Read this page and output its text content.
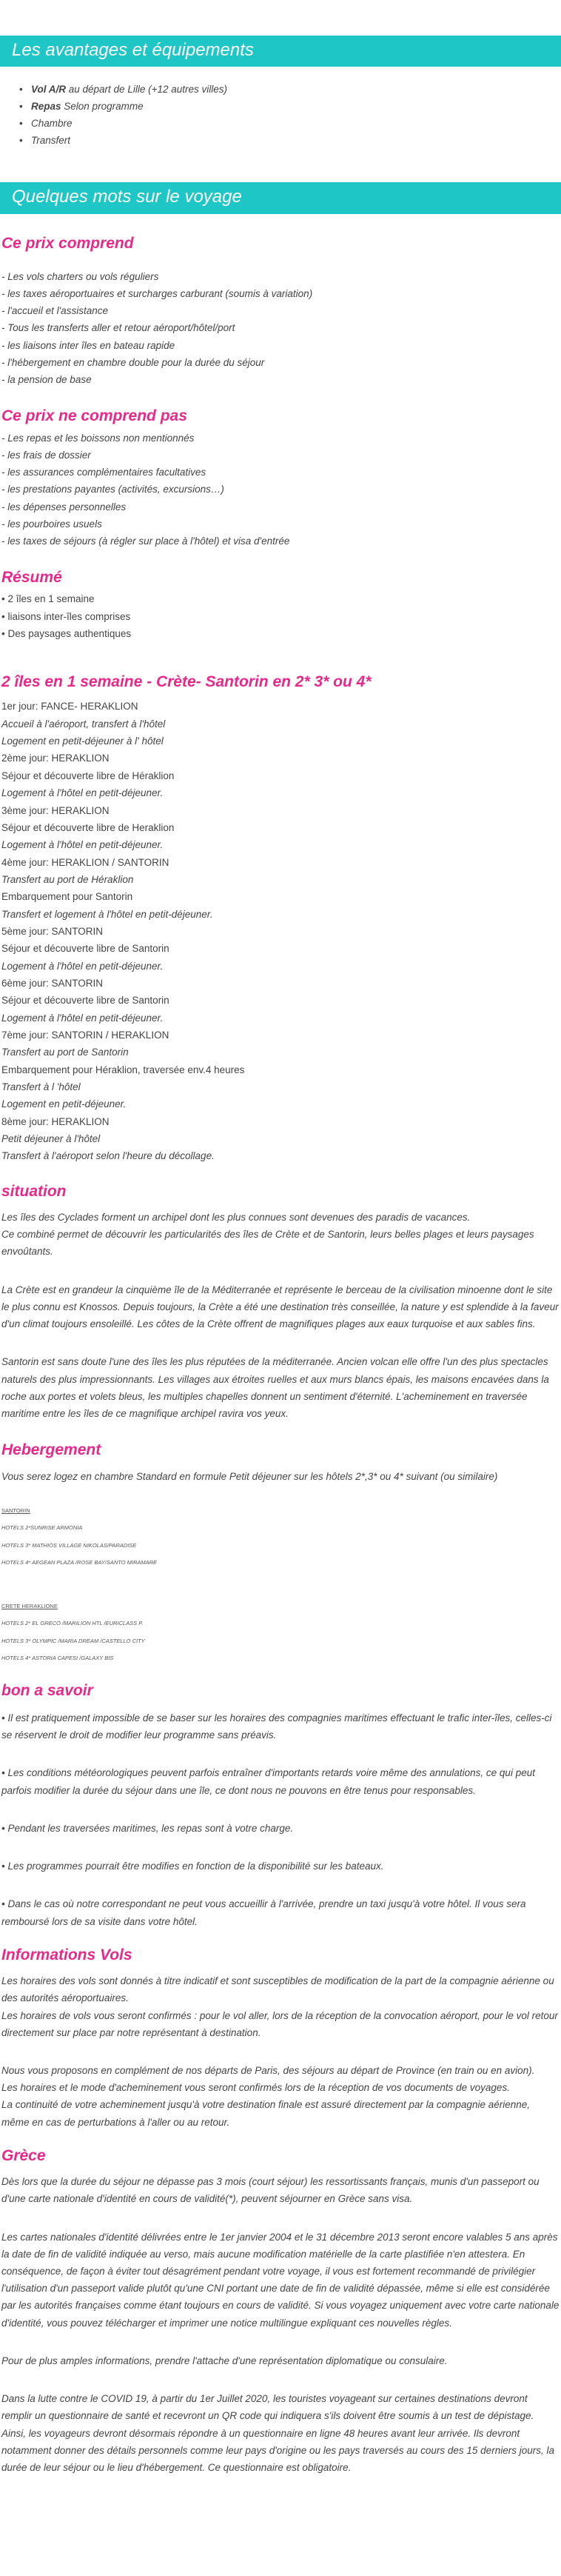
Les avantages et équipements
• Vol A/R au départ de Lille (+12 autres villes)
• Repas Selon programme
• Chambre
• Transfert
Quelques mots sur le voyage
Ce prix comprend

- Les vols charters ou vols réguliers

- les taxes aéroportuaires et surcharges carburant (soumis à variation)

- l'accueil et l'assistance

- Tous les transferts aller et retour aéroport/hôtel/port

- les liaisons inter îles en bateau rapide

- l'hébergement en chambre double pour la durée du séjour

- la pension de base

Ce prix ne comprend pas

- Les repas et les boissons non mentionnés

- les frais de dossier

- les assurances complémentaires facultatives

- les prestations payantes (activités, excursions…)

- les dépenses personnelles

- les pourboires usuels

- les taxes de séjours (à régler sur place à l'hôtel) et visa d'entrée

Résumé

• 2 îles en 1 semaine

• liaisons inter-îles comprises

• Des paysages authentiques

2 îles en 1 semaine - Crète- Santorin en 2* 3* ou 4*

1er jour: FANCE- HERAKLION

Accueil à l'aéroport, transfert à l'hôtel

Logement en petit-déjeuner à l' hôtel

2ème jour: HERAKLION

Séjour et découverte libre de Héraklion

Logement à l'hôtel en petit-déjeuner.

3ème jour: HERAKLION

Séjour et découverte libre de Heraklion

Logement à l'hôtel en petit-déjeuner.

4ème jour: HERAKLION / SANTORIN

Transfert au port de Héraklion

Embarquement pour Santorin

Transfert et logement à l'hôtel en petit-déjeuner.

5ème jour: SANTORIN

Séjour et découverte libre de Santorin

Logement à l'hôtel en petit-déjeuner.

6ème jour: SANTORIN

Séjour et découverte libre de Santorin

Logement à l'hôtel en petit-déjeuner.

7ème jour: SANTORIN / HERAKLION

Transfert au port de Santorin

Embarquement pour Héraklion, traversée env.4 heures

Transfert à l 'hôtel

Logement en petit-déjeuner.

8ème jour: HERAKLION

Petit déjeuner à l'hôtel

Transfert à l'aéroport selon l'heure du décollage.

situation

Les îles des Cyclades forment un archipel dont les plus connues sont devenues des paradis de vacances.

Ce combiné permet de découvrir les particularités des îles de Crète et de Santorin, leurs belles plages et leurs paysages envoûtants.

La Crète est en grandeur la cinquième île de la Méditerranée et représente le berceau de la civilisation minoenne dont le site le plus connu est Knossos. Depuis toujours, la Crète a été une destination très conseillée, la nature y est splendide à la faveur d'un climat toujours ensoleillé. Les côtes de la Crète offrent de magnifiques plages aux eaux turquoise et aux sables fins.

Santorin est sans doute l'une des îles les plus réputées de la méditerranée. Ancien volcan elle offre l'un des plus spectacles naturels des plus impressionnants. Les villages aux étroites ruelles et aux murs blancs épais, les maisons encavées dans la roche aux portes et volets bleus, les multiples chapelles donnent un sentiment d'éternité. L'acheminement en traversée maritime entre les îles de ce magnifique archipel ravira vos yeux.

Hebergement

Vous serez logez en chambre Standard en formule Petit déjeuner sur les hôtels 2*,3* ou 4* suivant (ou similaire)

SANTORIN

HOTELS 2*SUNRISE ARMONIA

HOTELS 3* MATHIOS VILLAGE NIKOLAS/PARADISE

HOTELS 4* AEGEAN PLAZA /ROSE BAY/SANTO MIRAMARE

CRETE HERAKLIONE

HOTELS 2* EL GRECO /MARILION HTL /EURICLASS P.

HOTELS 3* OLYMPIC /MARIA DREAM /CASTELLO CITY

HOTELS 4* ASTORIA CAPESI /GALAXY BIS

bon a savoir

• Il est pratiquement impossible de se baser sur les horaires des compagnies maritimes effectuant le trafic inter-îles, celles-ci se réservent le droit de modifier leur programme sans préavis.

• Les conditions météorologiques peuvent parfois entraîner d'importants retards voire même des annulations, ce qui peut parfois modifier la durée du séjour dans une île, ce dont nous ne pouvons en être tenus pour responsables.

• Pendant les traversées maritimes, les repas sont à votre charge.

• Les programmes pourrait être modifies en fonction de la disponibilité sur les bateaux.

• Dans le cas où notre correspondant ne peut vous accueillir à l'arrivée, prendre un taxi jusqu'à votre hôtel. Il vous sera remboursé lors de sa visite dans votre hôtel.

Informations Vols

Les horaires des vols sont donnés à titre indicatif et sont susceptibles de modification de la part de la compagnie aérienne ou des autorités aéroportuaires.

Les horaires de vols vous seront confirmés : pour le vol aller, lors de la réception de la convocation aéroport, pour le vol retour directement sur place par notre représentant à destination.

Nous vous proposons en complément de nos départs de Paris, des séjours au départ de Province (en train ou en avion).

Les horaires et le mode d'acheminement vous seront confirmés lors de la réception de vos documents de voyages.

La continuité de votre acheminement jusqu'à votre destination finale est assuré directement par la compagnie aérienne, même en cas de perturbations à l'aller ou au retour.

Grèce

Dès lors que la durée du séjour ne dépasse pas 3 mois (court séjour) les ressortissants français, munis d'un passeport ou d'une carte nationale d'identité en cours de validité(*), peuvent séjourner en Grèce sans visa.

Les cartes nationales d'identité délivrées entre le 1er janvier 2004 et le 31 décembre 2013 seront encore valables 5 ans après la date de fin de validité indiquée au verso, mais aucune modification matérielle de la carte plastifiée n'en attestera. En conséquence, de façon à éviter tout désagrément pendant votre voyage, il vous est fortement recommandé de privilégier l'utilisation d'un passeport valide plutôt qu'une CNI portant une date de fin de validité dépassée, même si elle est considérée par les autorités françaises comme étant toujours en cours de validité. Si vous voyagez uniquement avec votre carte nationale d'identité, vous pouvez télécharger et imprimer une notice multilingue expliquant ces nouvelles règles.

Pour de plus amples informations, prendre l'attache d'une représentation diplomatique ou consulaire.

Dans la lutte contre le COVID 19, à partir du 1er Juillet 2020, les touristes voyageant sur certaines destinations devront remplir un questionnaire de santé et recevront un QR code qui indiquera s'ils doivent être soumis à un test de dépistage. Ainsi, les voyageurs devront désormais répondre à un questionnaire en ligne 48 heures avant leur arrivée. Ils devront notamment donner des détails personnels comme leur pays d'origine ou les pays traversés au cours des 15 derniers jours, la durée de leur séjour ou le lieu d'hébergement. Ce questionnaire est obligatoire.
